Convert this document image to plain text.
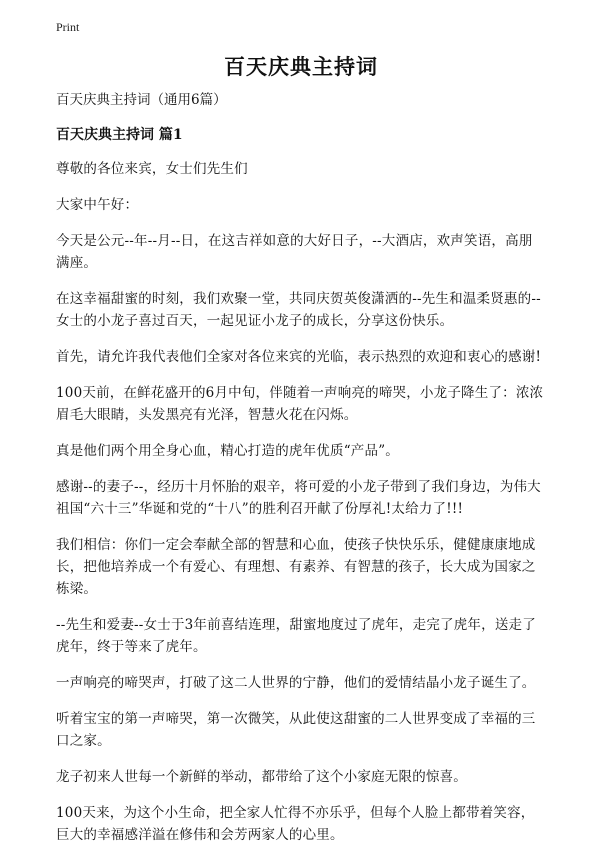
Print
百天庆典主持词

百天庆典主持词（通用6篇）

百天庆典主持词 篇1

尊敬的各位来宾，女士们先生们

大家中午好：

今天是公元--年--月--日，在这吉祥如意的大好日子，--大酒店，欢声笑语，高朋满座。

在这幸福甜蜜的时刻，我们欢聚一堂，共同庆贺英俊潇洒的--先生和温柔贤惠的--女士的小龙子喜过百天，一起见证小龙子的成长，分享这份快乐。

首先，请允许我代表他们全家对各位来宾的光临，表示热烈的欢迎和衷心的感谢!

100天前，在鲜花盛开的6月中旬，伴随着一声响亮的啼哭，小龙子降生了：浓浓眉毛大眼睛，头发黑亮有光泽，智慧火花在闪烁。

真是他们两个用全身心血，精心打造的虎年优质“产品”。

感谢--的妻子--，经历十月怀胎的艰辛，将可爱的小龙子带到了我们身边，为伟大祖国“六十三”华诞和党的“十八”的胜利召开献了份厚礼!太给力了!!!

我们相信：你们一定会奉献全部的智慧和心血，使孩子快快乐乐，健健康康地成长，把他培养成一个有爱心、有理想、有素养、有智慧的孩子，长大成为国家之栋梁。

--先生和爱妻--女士于3年前喜结连理，甜蜜地度过了虎年，走完了虎年，送走了虎年，终于等来了虎年。

一声响亮的啼哭声，打破了这二人世界的宁静，他们的爱情结晶小龙子诞生了。

听着宝宝的第一声啼哭，第一次微笑，从此使这甜蜜的二人世界变成了幸福的三口之家。

龙子初来人世每一个新鲜的举动，都带给了这个小家庭无限的惊喜。

100天来，为这个小生命，把全家人忙得不亦乐乎，但每个人脸上都带着笑容，巨大的幸福感洋溢在修伟和会芳两家人的心里。
